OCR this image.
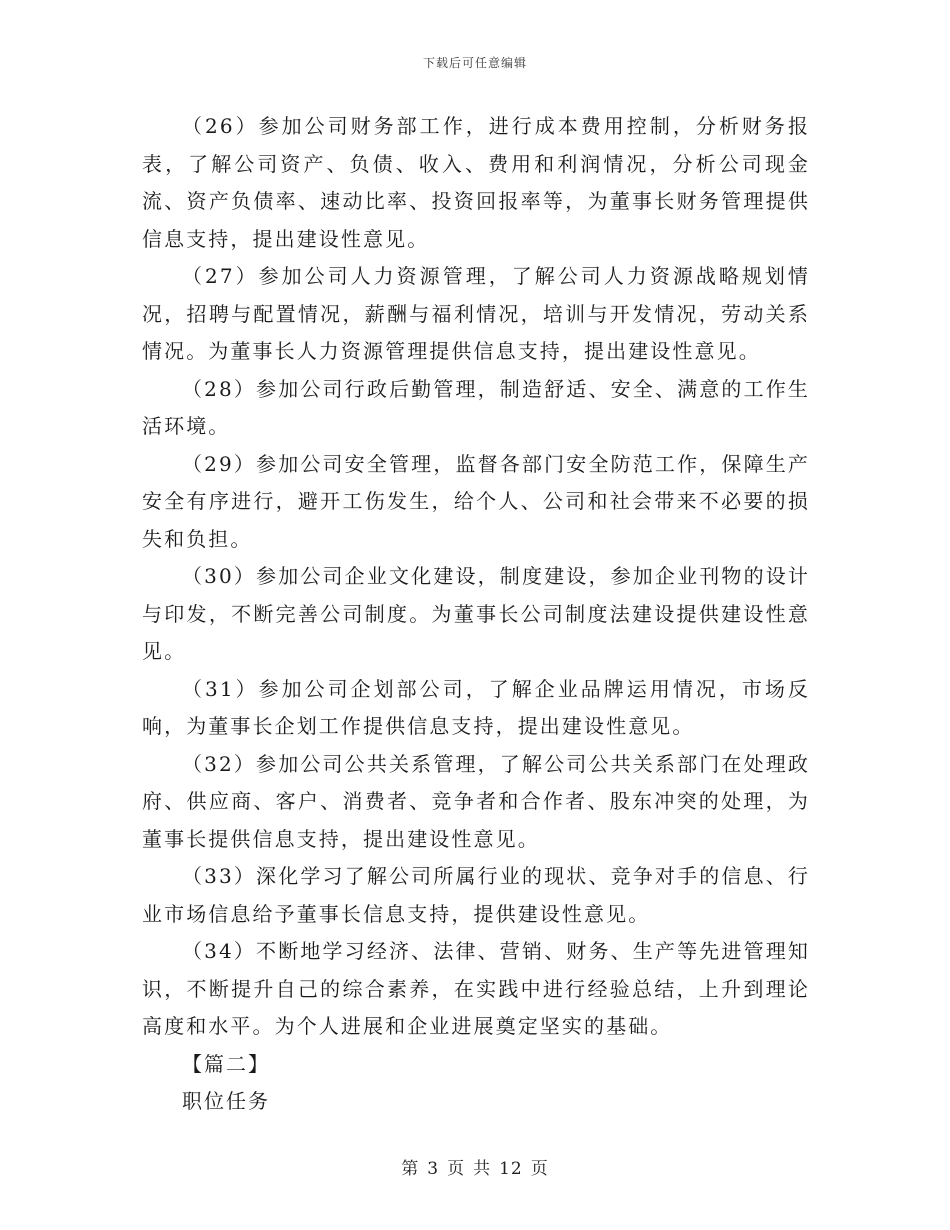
下载后可任意编辑

（26）参加公司财务部工作，进行成本费用控制，分析财务报表，了解公司资产、负债、收入、费用和利润情况，分析公司现金流、资产负债率、速动比率、投资回报率等，为董事长财务管理提供信息支持，提出建设性意见。

（27）参加公司人力资源管理，了解公司人力资源战略规划情况，招聘与配置情况，薪酬与福利情况，培训与开发情况，劳动关系情况。为董事长人力资源管理提供信息支持，提出建设性意见。

（28）参加公司行政后勤管理，制造舒适、安全、满意的工作生活环境。

（29）参加公司安全管理，监督各部门安全防范工作，保障生产安全有序进行，避开工伤发生，给个人、公司和社会带来不必要的损失和负担。

（30）参加公司企业文化建设，制度建设，参加企业刊物的设计与印发，不断完善公司制度。为董事长公司制度法建设提供建设性意见。

（31）参加公司企划部公司，了解企业品牌运用情况，市场反响，为董事长企划工作提供信息支持，提出建设性意见。

（32）参加公司公共关系管理，了解公司公共关系部门在处理政府、供应商、客户、消费者、竞争者和合作者、股东冲突的处理，为董事长提供信息支持，提出建设性意见。

（33）深化学习了解公司所属行业的现状、竞争对手的信息、行业市场信息给予董事长信息支持，提供建设性意见。

（34）不断地学习经济、法律、营销、财务、生产等先进管理知识，不断提升自己的综合素养，在实践中进行经验总结，上升到理论高度和水平。为个人进展和企业进展奠定坚实的基础。

【篇二】

职位任务

第 3 页 共 12 页
